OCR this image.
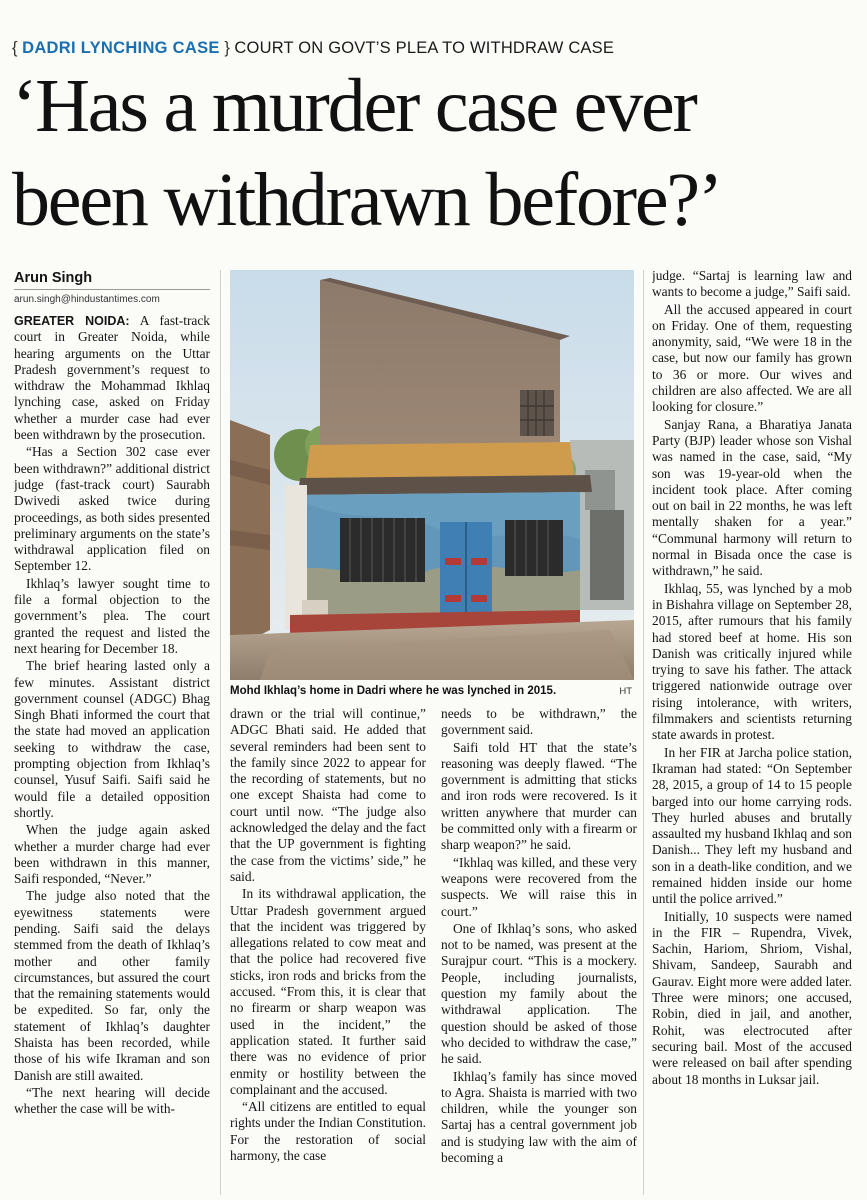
{ DADRI LYNCHING CASE } COURT ON GOVT’S PLEA TO WITHDRAW CASE
‘Has a murder case ever
been withdrawn before?’
Arun Singh
arun.singh@hindustantimes.com

GREATER NOIDA: A fast-track court in Greater Noida, while hearing arguments on the Uttar Pradesh government’s request to withdraw the Mohammad Ikhlaq lynching case, asked on Friday whether a murder case had ever been withdrawn by the prosecution.

“Has a Section 302 case ever been withdrawn?” additional district judge (fast-track court) Saurabh Dwivedi asked twice during proceedings, as both sides presented preliminary arguments on the state’s withdrawal application filed on September 12.

Ikhlaq’s lawyer sought time to file a formal objection to the government’s plea. The court granted the request and listed the next hearing for December 18.

The brief hearing lasted only a few minutes. Assistant district government counsel (ADGC) Bhag Singh Bhati informed the court that the state had moved an application seeking to withdraw the case, prompting objection from Ikhlaq’s counsel, Yusuf Saifi. Saifi said he would file a detailed opposition shortly.

When the judge again asked whether a murder charge had ever been withdrawn in this manner, Saifi responded, “Never.”

The judge also noted that the eyewitness statements were pending. Saifi said the delays stemmed from the death of Ikhlaq’s mother and other family circumstances, but assured the court that the remaining statements would be expedited. So far, only the statement of Ikhlaq’s daughter Shaista has been recorded, while those of his wife Ikraman and son Danish are still awaited.

“The next hearing will decide whether the case will be with-

Mohd Ikhlaq’s home in Dadri where he was lynched in 2015.	HT

drawn or the trial will continue,” ADGC Bhati said. He added that several reminders had been sent to the family since 2022 to appear for the recording of statements, but no one except Shaista had come to court until now. “The judge also acknowledged the delay and the fact that the UP government is fighting the case from the victims’ side,” he said.

In its withdrawal application, the Uttar Pradesh government argued that the incident was triggered by allegations related to cow meat and that the police had recovered five sticks, iron rods and bricks from the accused. “From this, it is clear that no firearm or sharp weapon was used in the incident,” the application stated. It further said there was no evidence of prior enmity or hostility between the complainant and the accused.

“All citizens are entitled to equal rights under the Indian Constitution. For the restoration of social harmony, the case

needs to be withdrawn,” the government said.

Saifi told HT that the state’s reasoning was deeply flawed. “The government is admitting that sticks and iron rods were recovered. Is it written anywhere that murder can be committed only with a firearm or sharp weapon?” he said.

“Ikhlaq was killed, and these very weapons were recovered from the suspects. We will raise this in court.”

One of Ikhlaq’s sons, who asked not to be named, was present at the Surajpur court. “This is a mockery. People, including journalists, question my family about the withdrawal application. The question should be asked of those who decided to withdraw the case,” he said.

Ikhlaq’s family has since moved to Agra. Shaista is married with two children, while the younger son Sartaj has a central government job and is studying law with the aim of becoming a

judge. “Sartaj is learning law and wants to become a judge,” Saifi said.

All the accused appeared in court on Friday. One of them, requesting anonymity, said, “We were 18 in the case, but now our family has grown to 36 or more. Our wives and children are also affected. We are all looking for closure.”

Sanjay Rana, a Bharatiya Janata Party (BJP) leader whose son Vishal was named in the case, said, “My son was 19-year-old when the incident took place. After coming out on bail in 22 months, he was left mentally shaken for a year.” “Communal harmony will return to normal in Bisada once the case is withdrawn,” he said.

Ikhlaq, 55, was lynched by a mob in Bishahra village on September 28, 2015, after rumours that his family had stored beef at home. His son Danish was critically injured while trying to save his father. The attack triggered nationwide outrage over rising intolerance, with writers, filmmakers and scientists returning state awards in protest.

In her FIR at Jarcha police station, Ikraman had stated: “On September 28, 2015, a group of 14 to 15 people barged into our home carrying rods. They hurled abuses and brutally assaulted my husband Ikhlaq and son Danish... They left my husband and son in a death-like condition, and we remained hidden inside our home until the police arrived.”

Initially, 10 suspects were named in the FIR – Rupendra, Vivek, Sachin, Hariom, Shriom, Vishal, Shivam, Sandeep, Saurabh and Gaurav. Eight more were added later. Three were minors; one accused, Robin, died in jail, and another, Rohit, was electrocuted after securing bail. Most of the accused were released on bail after spending about 18 months in Luksar jail.
